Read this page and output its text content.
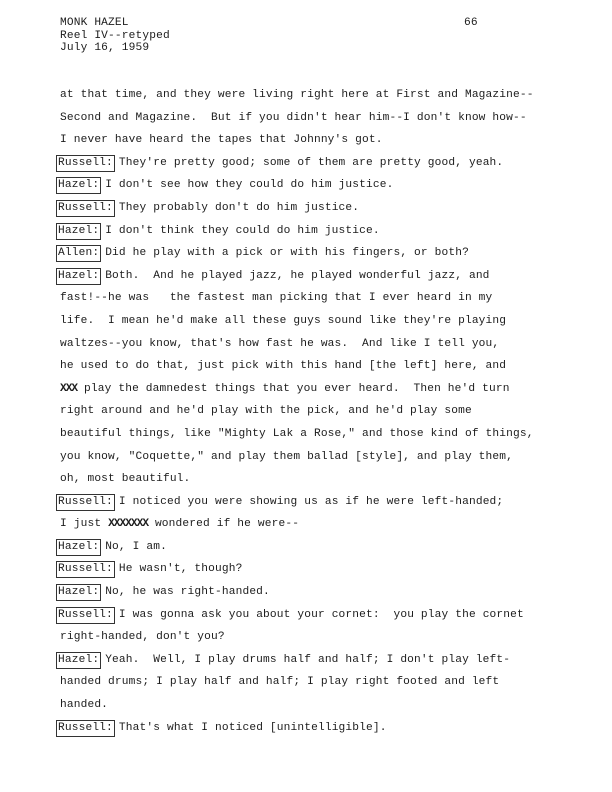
MONK HAZEL
Reel IV--retyped
July 16, 1959
66
at that time, and they were living right here at First and Magazine--
Second and Magazine.  But if you didn't hear him--I don't know how--
I never have heard the tapes that Johnny's got.
Russell: They're pretty good; some of them are pretty good, yeah.
Hazel: I don't see how they could do him justice.
Russell: They probably don't do him justice.
Hazel: I don't think they could do him justice.
Allen: Did he play with a pick or with his fingers, or both?
Hazel: Both.  And he played jazz, he played wonderful jazz, and
fast!--he was   the fastest man picking that I ever heard in my
life.  I mean he'd make all these guys sound like they're playing
waltzes--you know, that's how fast he was.  And like I tell you,
he used to do that, just pick with this hand [the left] here, and
XXX play the damnedest things that you ever heard.  Then he'd turn
right around and he'd play with the pick, and he'd play some
beautiful things, like "Mighty Lak a Rose," and those kind of things,
you know, "Coquette," and play them ballad [style], and play them,
oh, most beautiful.
Russell: I noticed you were showing us as if he were left-handed;
I just XXXXXXX wondered if he were--
Hazel: No, I am.
Russell: He wasn't, though?
Hazel: No, he was right-handed.
Russell: I was gonna ask you about your cornet:  you play the cornet
right-handed, don't you?
Hazel: Yeah.  Well, I play drums half and half; I don't play left-
handed drums; I play half and half; I play right footed and left
handed.
Russell: That's what I noticed [unintelligible].
